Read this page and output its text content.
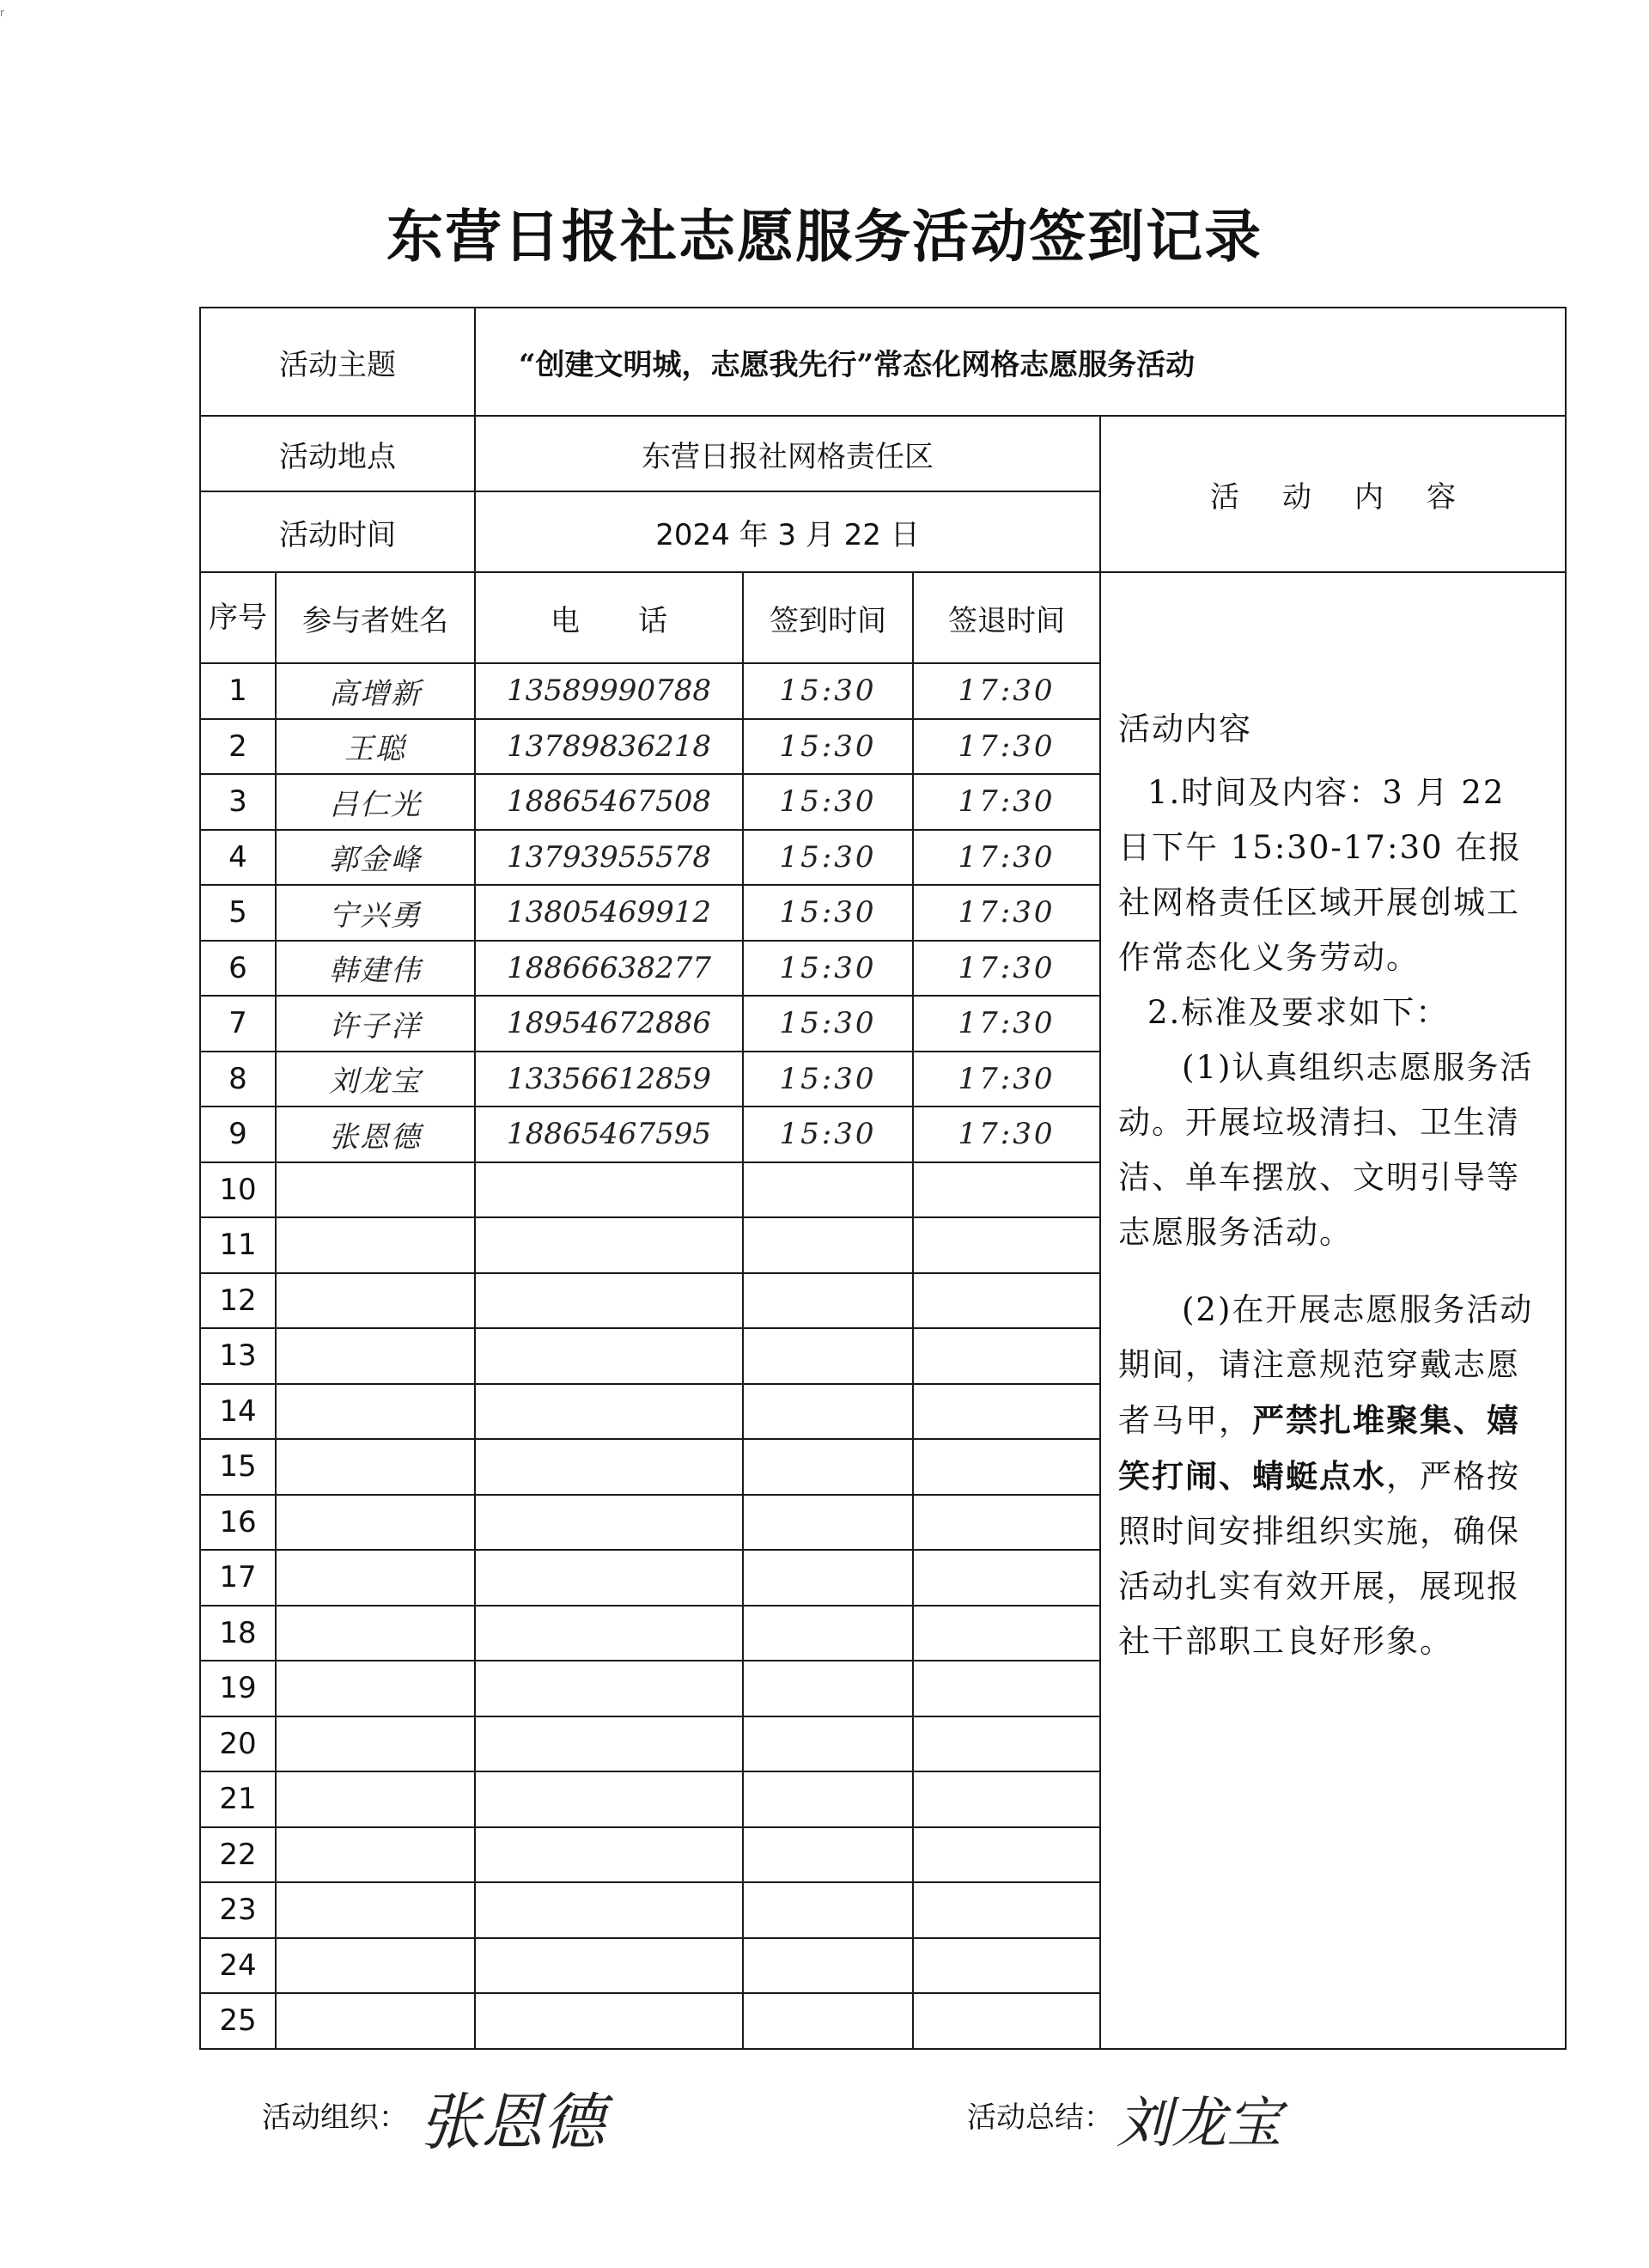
r
东营日报社志愿服务活动签到记录
活动主题		“创建文明城，志愿我先行”常态化网格志愿服务活动			
活动地点		东营日报社网格责任区			活动内容
活动时间		2024 年 3 月 22 日			
序号	参与者姓名	电　　话	签到时间	签退时间	活动内容

1.时间及内容：3 月 22 日下午 15:30-17:30 在报社网格责任区域开展创城工作常态化义务劳动。

2.标准及要求如下：

(1)认真组织志愿服务活动。开展垃圾清扫、卫生清洁、单车摆放、文明引导等志愿服务活动。

(2)在开展志愿服务活动期间，请注意规范穿戴志愿者马甲，严禁扎堆聚集、嬉笑打闹、蜻蜓点水，严格按照时间安排组织实施，确保活动扎实有效开展，展现报社干部职工良好形象。

1	高增新	13589990788	15:30	17:30	
2	王聪	13789836218	15:30	17:30	
3	吕仁光	18865467508	15:30	17:30	
4	郭金峰	13793955578	15:30	17:30	
5	宁兴勇	13805469912	15:30	17:30	
6	韩建伟	18866638277	15:30	17:30	
7	许子洋	18954672886	15:30	17:30	
8	刘龙宝	13356612859	15:30	17:30	
9	张恩德	18865467595	15:30	17:30	
10					
11					
12					
13					
14					
15					
16					
17					
18					
19					
20					
21					
22					
23					
24					
25					
活动组织： 张恩德	活动总结： 刘龙宝
